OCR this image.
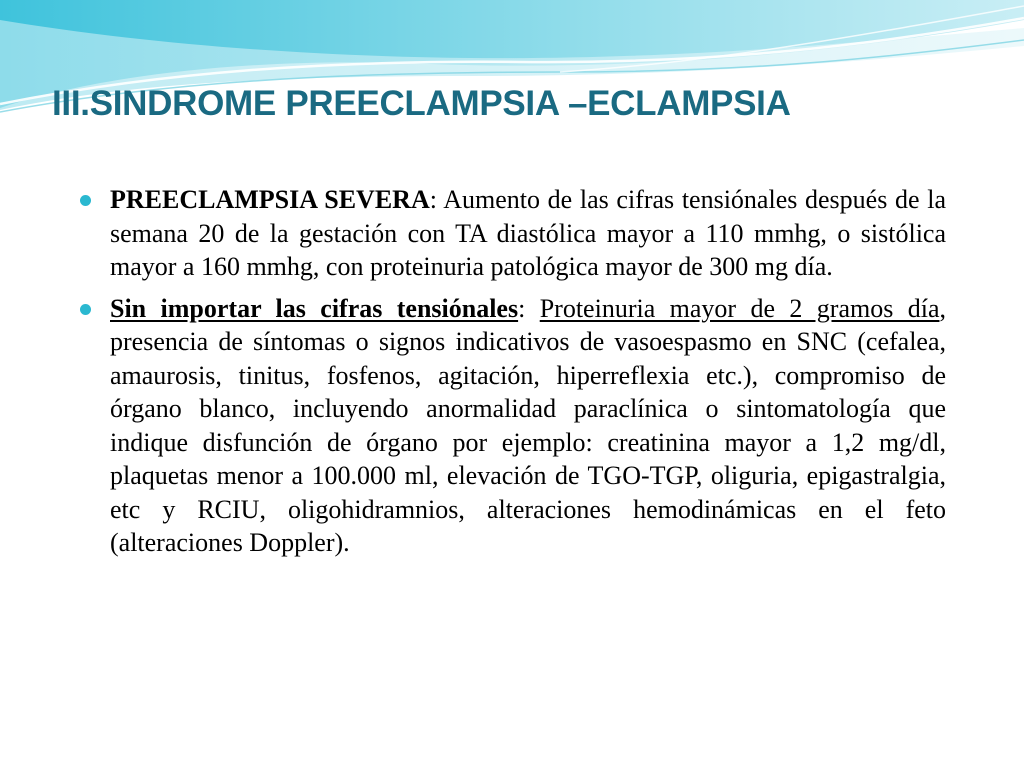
III.SINDROME PREECLAMPSIA –ECLAMPSIA

PREECLAMPSIA SEVERA: Aumento de las cifras tensiónales después de la semana 20 de la gestación con TA diastólica mayor a 110 mmhg, o sistólica mayor a 160 mmhg, con proteinuria patológica mayor de 300 mg día.

Sin importar las cifras tensiónales: Proteinuria mayor de 2 gramos día, presencia de síntomas o signos indicativos de vasoespasmo en SNC (cefalea, amaurosis, tinitus, fosfenos, agitación, hiperreflexia etc.), compromiso de órgano blanco, incluyendo anormalidad paraclínica o sintomatología que indique disfunción de órgano por ejemplo: creatinina mayor a 1,2 mg/dl, plaquetas menor a 100.000 ml, elevación de TGO-TGP, oliguria, epigastralgia, etc y RCIU, oligohidramnios, alteraciones hemodinámicas en el feto (alteraciones Doppler).
